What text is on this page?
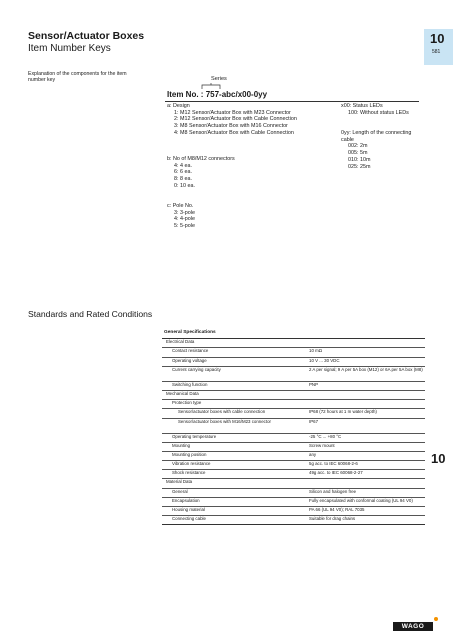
Sensor/Actuator Boxes
Item Number Keys
10
581
10
Explanation of the components for the item number key	Series
Item No. : 757-abc/x00-0yy
a: Design
1: M12 Sensor/Actuator Box with M23 Connector
2: M12 Sensor/Actuator Box with Cable Connection
3: M8 Sensor/Actuator Box with M16 Connector
4: M8 Sensor/Actuator Box with Cable Connection
b: No of M8/M12 connectors
4: 4 ea.
6: 6 ea.
8: 8 ea.
0: 10 ea.
c: Pole No.
3: 3-pole
4: 4-pole
5: 5-pole
x00: Status LEDs
100: Without status LEDs
0yy: Length of the connecting cable
002: 2m
005: 5m
010: 10m
025: 25m
Standards and Rated Conditions
General Specifications	
Electrical Data	
Contact resistance	10 mΩ
Operating voltage	10 V ... 30 VDC
Current carrying capacity	2 A per signal; 9 A per 5A box (M12) or 6A per 5A box (M8)
Switching function	PNP
Mechanical Data	
Protection type	
Sensor/actuator boxes with cable connection	IP68 (72 hours at 1 m water depth)
Sensor/actuator boxes with M16/M23 connector	IP67
Operating temperature	-25 °C ... +80 °C
Mounting	Screw mount
Mounting position	any
Vibration resistance	5g acc. to IEC 60068-2-6
Shock resistance	49g acc. to IEC 60068-2-27
Material Data	
General	Silicon and halogen free
Encapsulation	Fully encapsulated with conformal coating (UL 94 V0)
Housing material	PA 66 (UL 94 V0); RAL 7035
Connecting cable	Suitable for drag chains
WAGO
